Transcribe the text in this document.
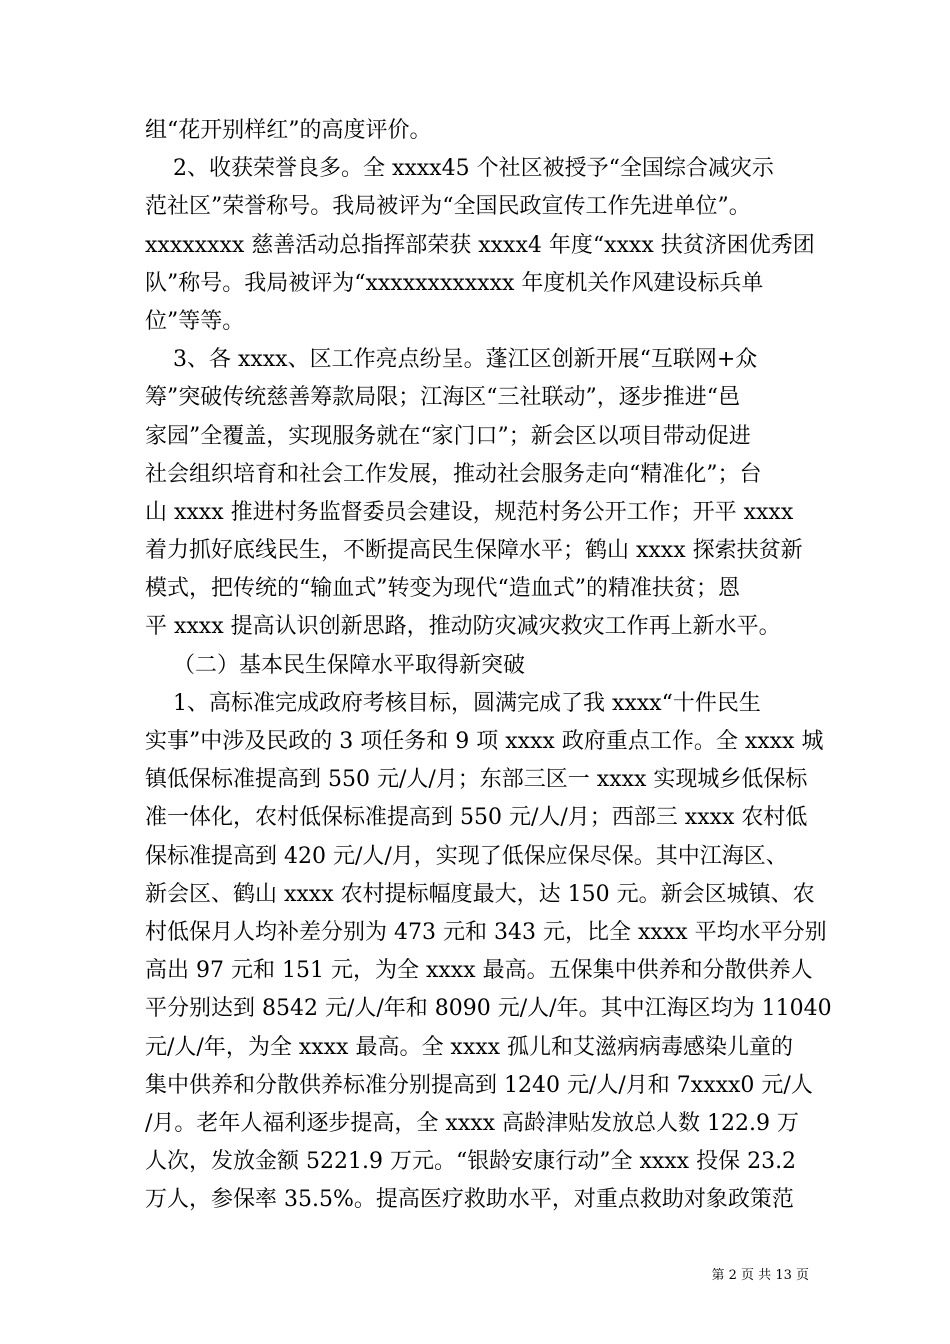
组“花开别样红”的高度评价。
2、收获荣誉良多。全 xxxx45 个社区被授予“全国综合减灾示
范社区”荣誉称号。我局被评为“全国民政宣传工作先进单位”。
xxxxxxxx 慈善活动总指挥部荣获 xxxx4 年度“xxxx 扶贫济困优秀团
队”称号。我局被评为“xxxxxxxxxxxx 年度机关作风建设标兵单
位”等等。
3、各 xxxx、区工作亮点纷呈。蓬江区创新开展“互联网+众
筹”突破传统慈善筹款局限；江海区“三社联动”，逐步推进“邑
家园”全覆盖，实现服务就在“家门口”；新会区以项目带动促进
社会组织培育和社会工作发展，推动社会服务走向“精准化”；台
山 xxxx 推进村务监督委员会建设，规范村务公开工作；开平 xxxx
着力抓好底线民生，不断提高民生保障水平；鹤山 xxxx 探索扶贫新
模式，把传统的“输血式”转变为现代“造血式”的精准扶贫；恩
平 xxxx 提高认识创新思路，推动防灾减灾救灾工作再上新水平。
（二）基本民生保障水平取得新突破
1、高标准完成政府考核目标，圆满完成了我 xxxx“十件民生
实事”中涉及民政的 3 项任务和 9 项 xxxx 政府重点工作。全 xxxx 城
镇低保标准提高到 550 元/人/月；东部三区一 xxxx 实现城乡低保标
准一体化，农村低保标准提高到 550 元/人/月；西部三 xxxx 农村低
保标准提高到 420 元/人/月，实现了低保应保尽保。其中江海区、
新会区、鹤山 xxxx 农村提标幅度最大，达 150 元。新会区城镇、农
村低保月人均补差分别为 473 元和 343 元，比全 xxxx 平均水平分别
高出 97 元和 151 元，为全 xxxx 最高。五保集中供养和分散供养人
平分别达到 8542 元/人/年和 8090 元/人/年。其中江海区均为 11040
元/人/年，为全 xxxx 最高。全 xxxx 孤儿和艾滋病病毒感染儿童的
集中供养和分散供养标准分别提高到 1240 元/人/月和 7xxxx0 元/人
/月。老年人福利逐步提高，全 xxxx 高龄津贴发放总人数 122.9 万
人次，发放金额 5221.9 万元。“银龄安康行动”全 xxxx 投保 23.2
万人，参保率 35.5%。提高医疗救助水平，对重点救助对象政策范
第 2 页 共 13 页
